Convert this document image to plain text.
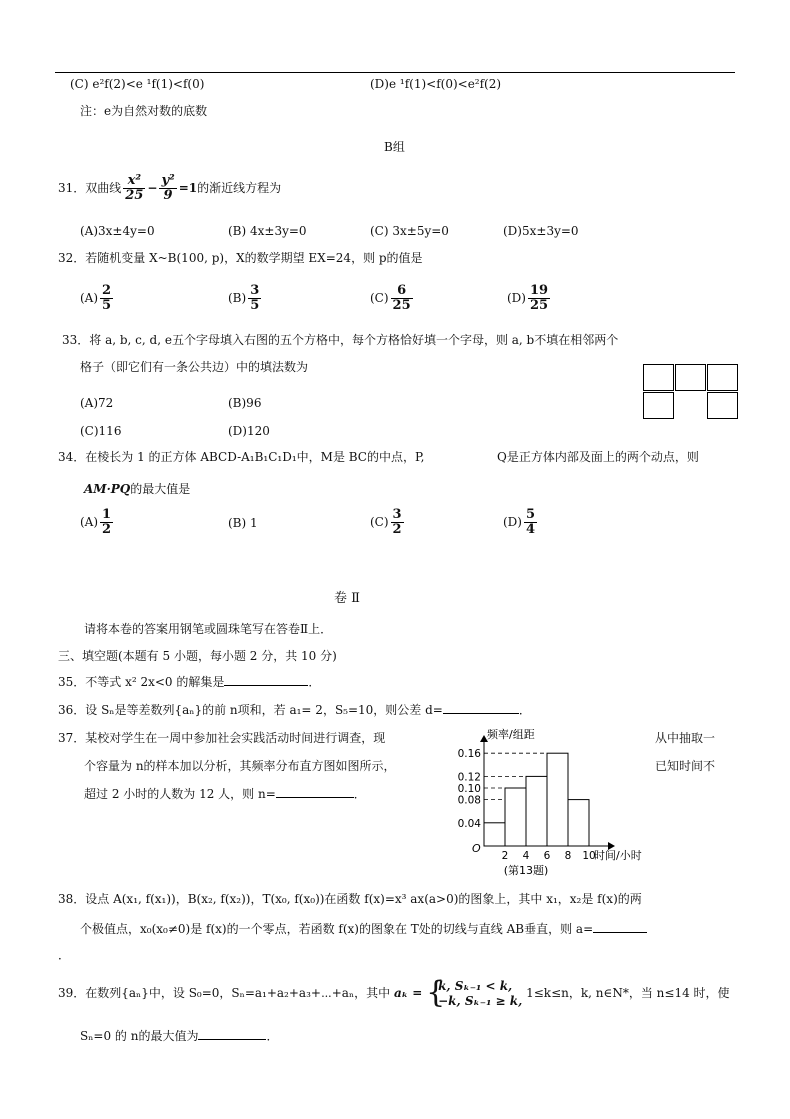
(C) e²f(2)<e ¹f(1)<f(0)	(D)e ¹f(1)<f(0)<e²f(2)
注：e为自然对数的底数
B组
31．双曲线 $\frac{\text{x²}}{25} - \frac{\text{y²}}{9} =1$的渐近线方程为
(A)3x±4y=0	(B) 4x±3y=0	(C) 3x±5y=0	(D)5x±3y=0
32．若随机变量 X~B(100, p)，X的数学期望 EX=24，则 p的值是
$(A) \frac{2}{5}$	$(B) \frac{3}{5}$	$(C) \frac{6}{25}$	$(D) \frac{19}{25}$
33．将 a, b, c, d, e五个字母填入右图的五个方格中，每个方格恰好填一个字母，则 a, b不填在相邻两个
格子（即它们有一条公共边）中的填法数为
(A)72	(B)96
(C)116	(D)120
34．在棱长为 1 的正方体 ABCD-A₁B₁C₁D₁中，M是 BC的中点，P,	Q是正方体内部及面上的两个动点，则
AM·PQ的最大值是
$(A) \frac{1}{2}$	(B) 1	$(C) \frac{3}{2}$	$(D) \frac{5}{4}$
卷 Ⅱ
请将本卷的答案用钢笔或圆珠笔写在答卷Ⅱ上．
三、填空题(本题有 5 小题，每小题 2 分，共 10 分)
35．不等式 x² 2x<0 的解集是	．
36．设 Sₙ是等差数列{aₙ}的前 n项和，若 a₁= 2，S₅=10，则公差 d=	．
37．某校对学生在一周中参加社会实践活动时间进行调查，现	从中抽取一
个容量为 n的样本加以分析，其频率分布直方图如图所示，	已知时间不
超过 2 小时的人数为 12 人，则 n=	．
0.04
0.08
0.10
0.12
0.16
2 4 6 8 10
O
频率/组距
时间/小时
(第13题)
38．设点 A(x₁, f(x₁))，B(x₂, f(x₂))，T(x₀, f(x₀))在函数 f(x)=x³ ax(a>0)的图象上，其中 x₁，x₂是 f(x)的两
个极值点，x₀(x₀≠0)是 f(x)的一个零点，若函数 f(x)的图象在 T处的切线与直线 AB垂直，则 a=
．
39．在数列{aₙ}中，设 S₀=0，Sₙ=a₁+a₂+a₃+⋯+aₙ，其中 aₖ = {
k, Sₖ₋₁ < k,
−k, Sₖ₋₁ ≥ k,
1≤k≤n，k, n∈N*，当 n≤14 时，使
Sₙ=0 的 n的最大值为	．
